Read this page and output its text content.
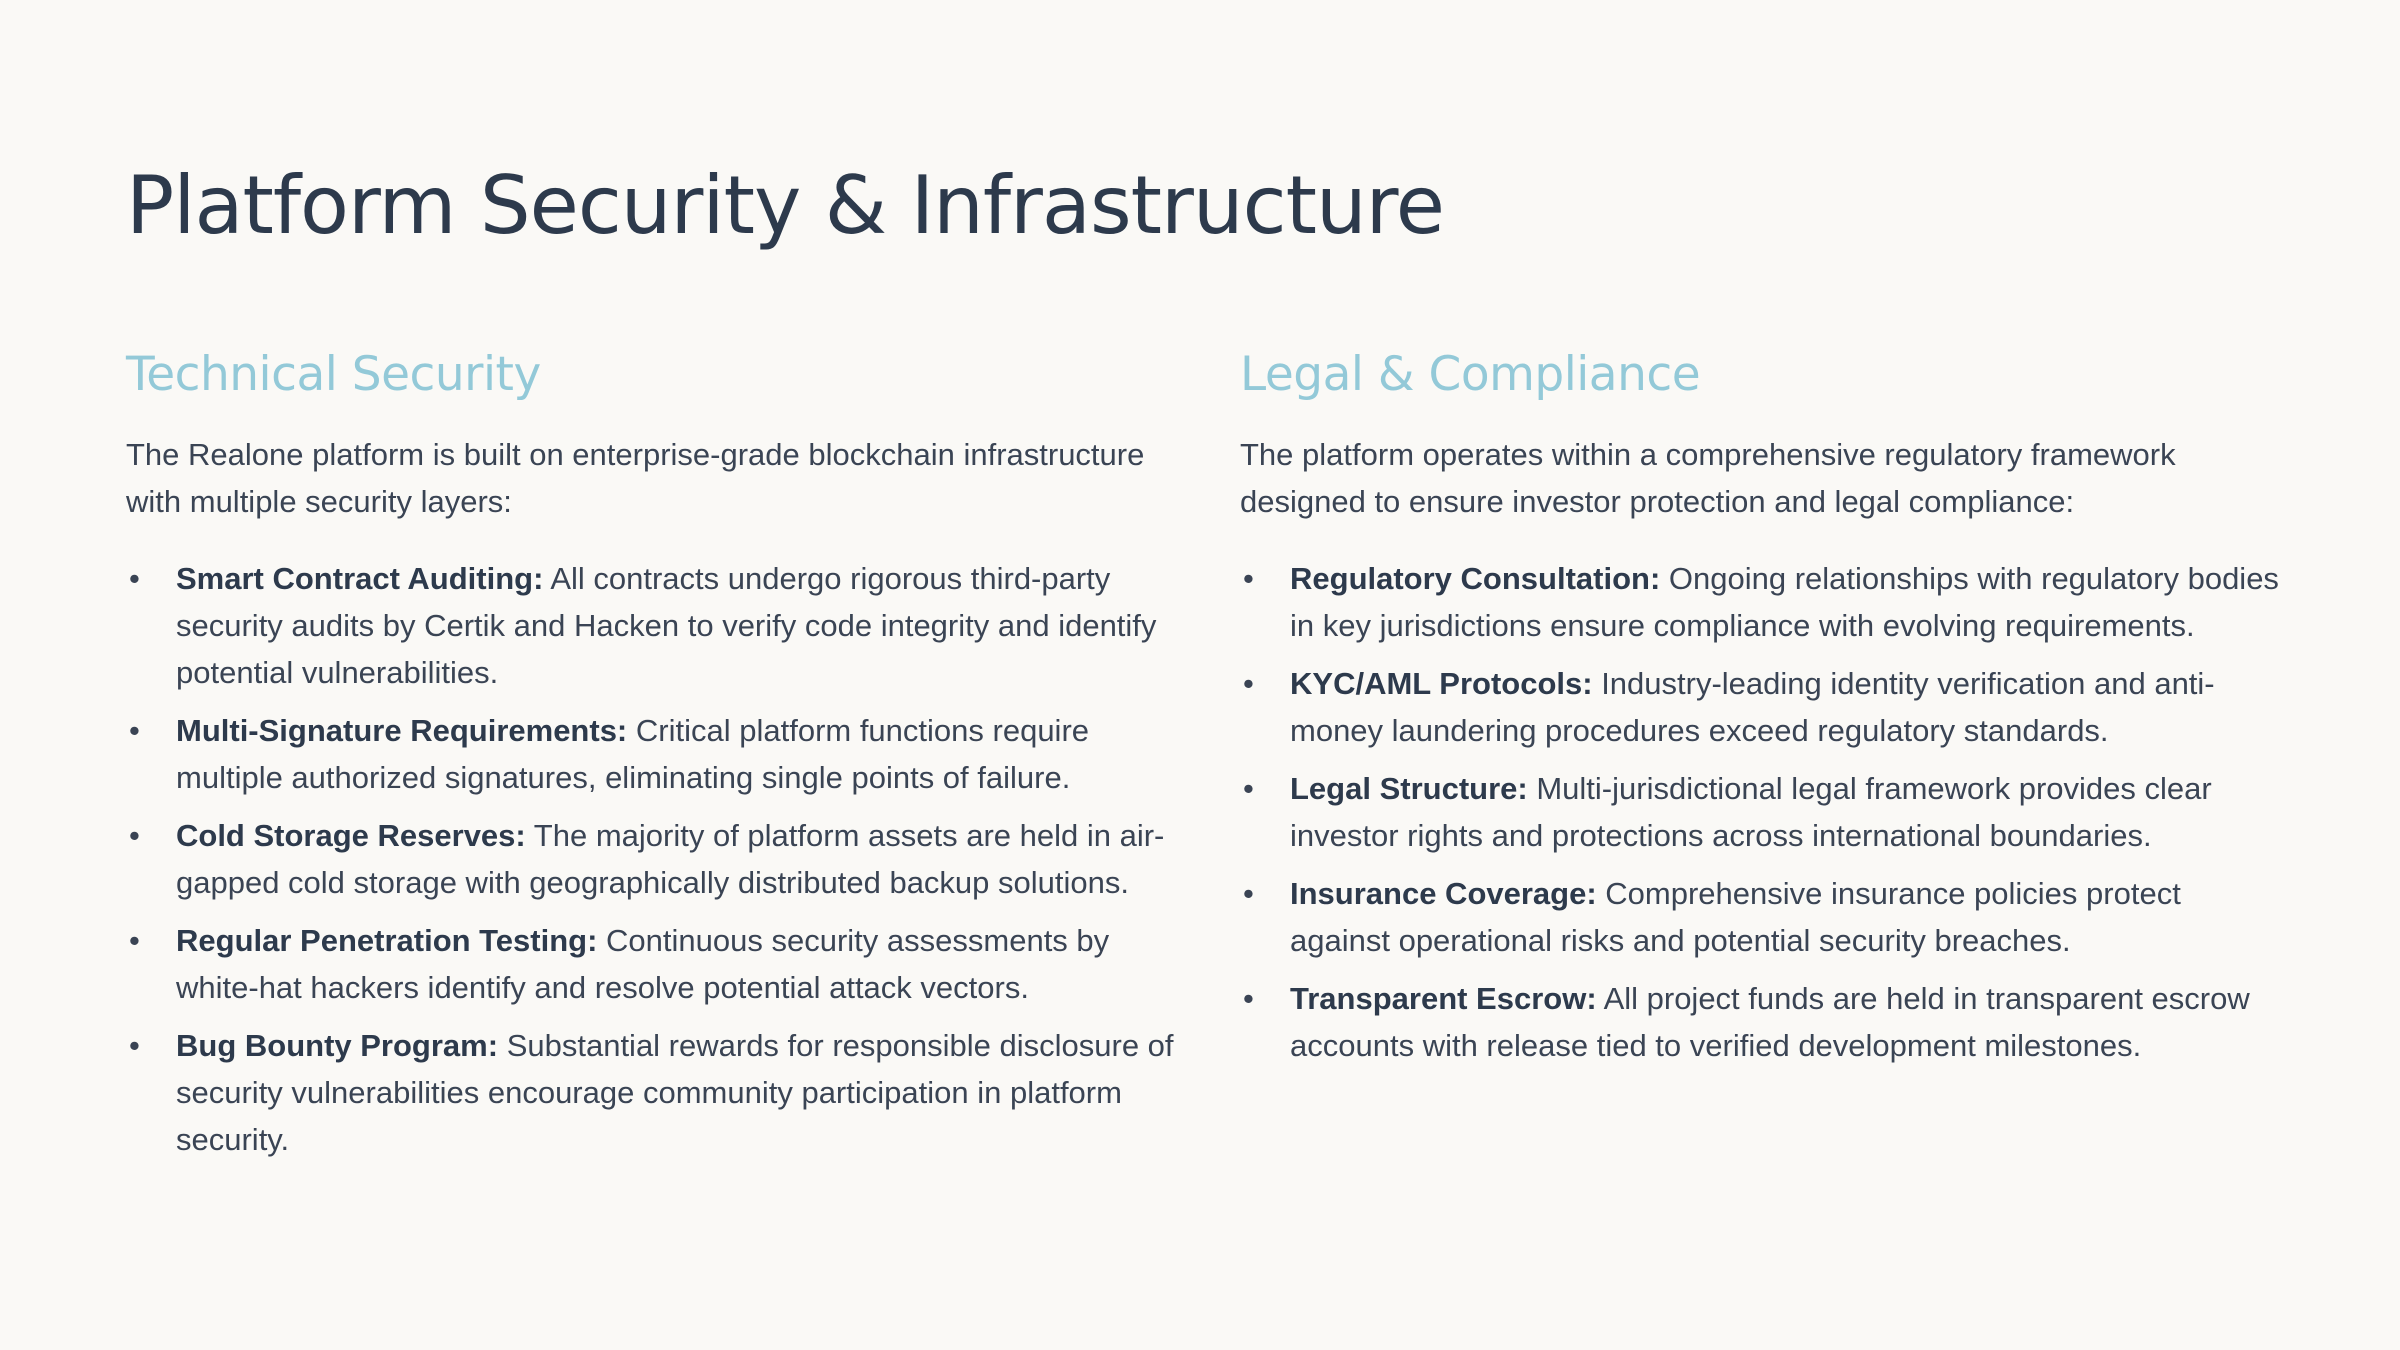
Platform Security & Infrastructure
Technical Security

The Realone platform is built on enterprise-grade blockchain infrastructure with multiple security layers:

• Smart Contract Auditing: All contracts undergo rigorous third-party security audits by Certik and Hacken to verify code integrity and identify potential vulnerabilities.
• Multi-Signature Requirements: Critical platform functions require multiple authorized signatures, eliminating single points of failure.
• Cold Storage Reserves: The majority of platform assets are held in air-gapped cold storage with geographically distributed backup solutions.
• Regular Penetration Testing: Continuous security assessments by white-hat hackers identify and resolve potential attack vectors.
• Bug Bounty Program: Substantial rewards for responsible disclosure of security vulnerabilities encourage community participation in platform security.
Legal & Compliance

The platform operates within a comprehensive regulatory framework designed to ensure investor protection and legal compliance:

• Regulatory Consultation: Ongoing relationships with regulatory bodies in key jurisdictions ensure compliance with evolving requirements.
• KYC/AML Protocols: Industry-leading identity verification and anti-money laundering procedures exceed regulatory standards.
• Legal Structure: Multi-jurisdictional legal framework provides clear investor rights and protections across international boundaries.
• Insurance Coverage: Comprehensive insurance policies protect against operational risks and potential security breaches.
• Transparent Escrow: All project funds are held in transparent escrow accounts with release tied to verified development milestones.
